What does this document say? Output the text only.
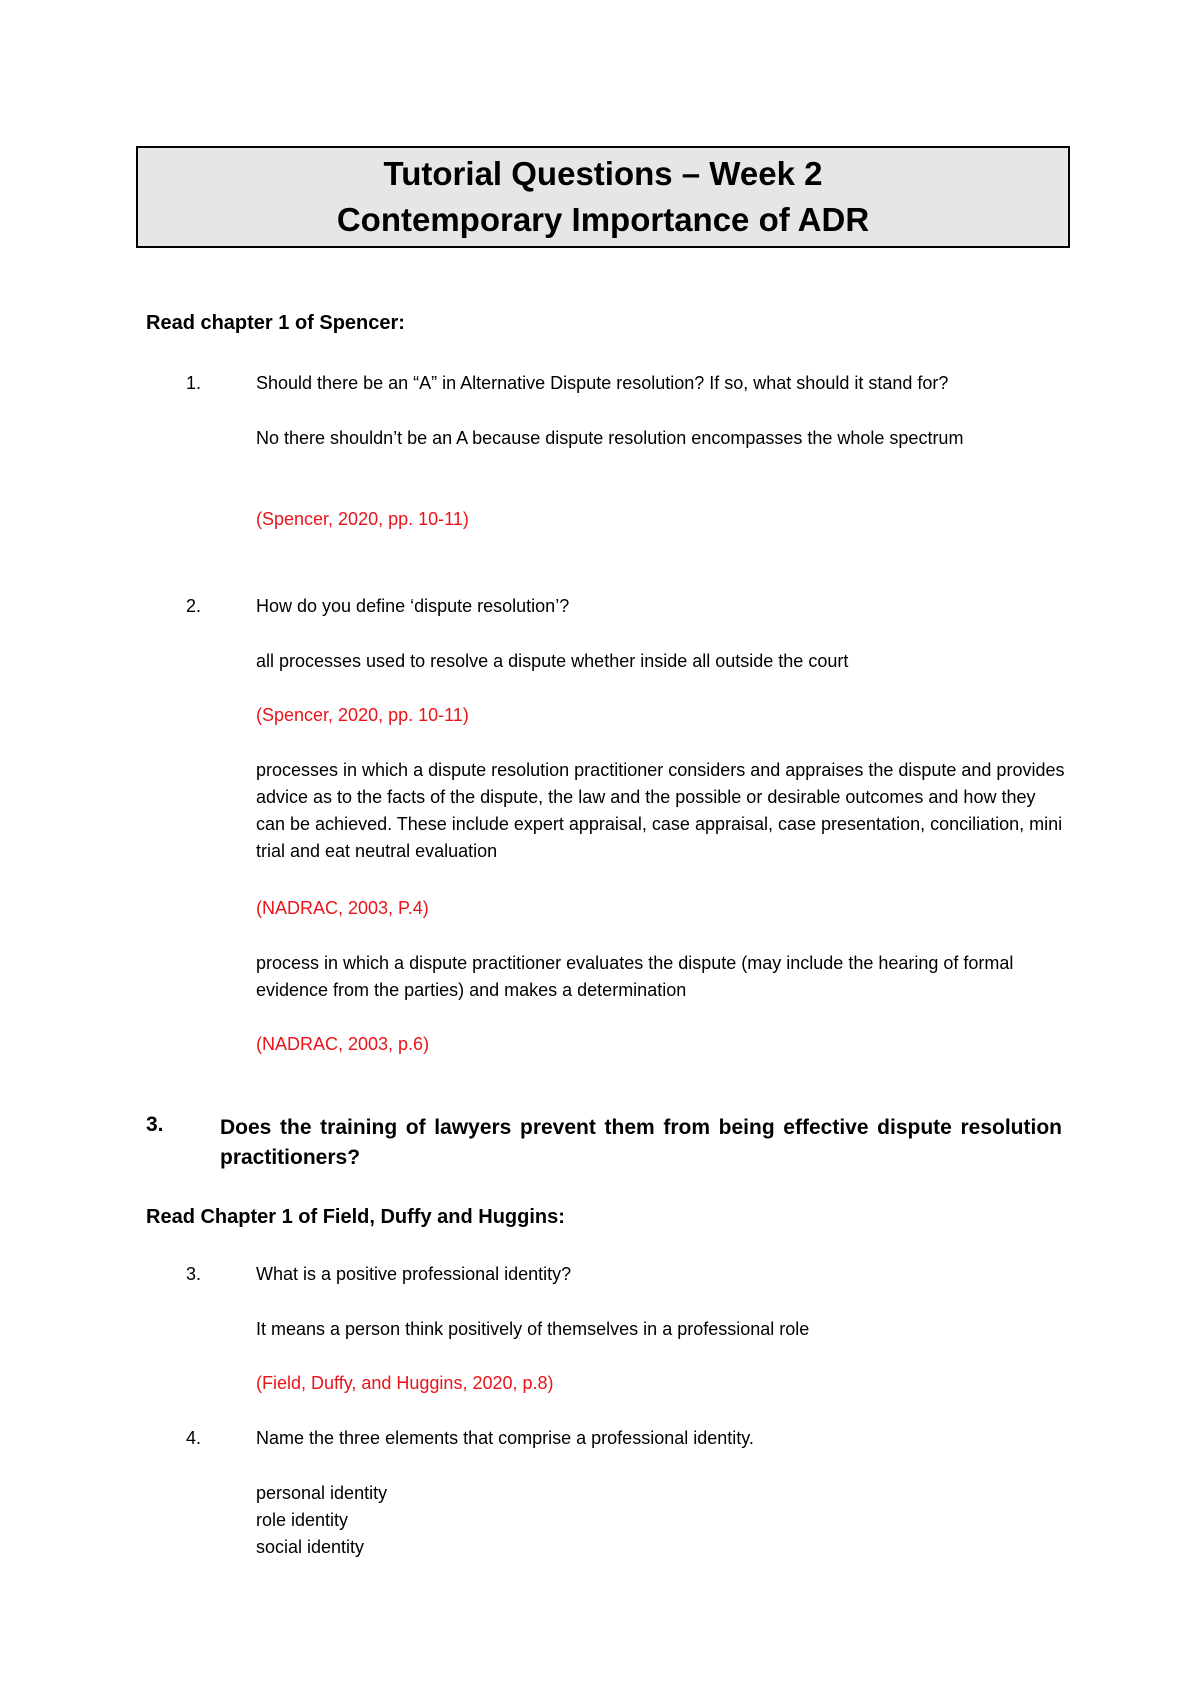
Tutorial Questions – Week 2
Contemporary Importance of ADR
Read chapter 1 of Spencer:
1.	Should there be an “A” in Alternative Dispute resolution? If so, what should it stand for?
No there shouldn’t be an A because dispute resolution encompasses the whole spectrum
(Spencer, 2020, pp. 10-11)
2.	How do you define ‘dispute resolution’?
all processes used to resolve a dispute whether inside all outside the court
(Spencer, 2020, pp. 10-11)
processes in which a dispute resolution practitioner considers and appraises the dispute and provides advice as to the facts of the dispute, the law and the possible or desirable outcomes and how they can be achieved. These include expert appraisal, case appraisal, case presentation, conciliation, mini trial and eat neutral evaluation
(NADRAC, 2003, P.4)
process in which a dispute practitioner evaluates the dispute (may include the hearing of formal evidence from the parties) and makes a determination
(NADRAC, 2003, p.6)
3.	Does the training of lawyers prevent them from being effective dispute resolution practitioners?
Read Chapter 1 of Field, Duffy and Huggins:
3.	What is a positive professional identity?
It means a person think positively of themselves in a professional role
(Field, Duffy, and Huggins, 2020, p.8)
4.	Name the three elements that comprise a professional identity.
personal identity
role identity
social identity
